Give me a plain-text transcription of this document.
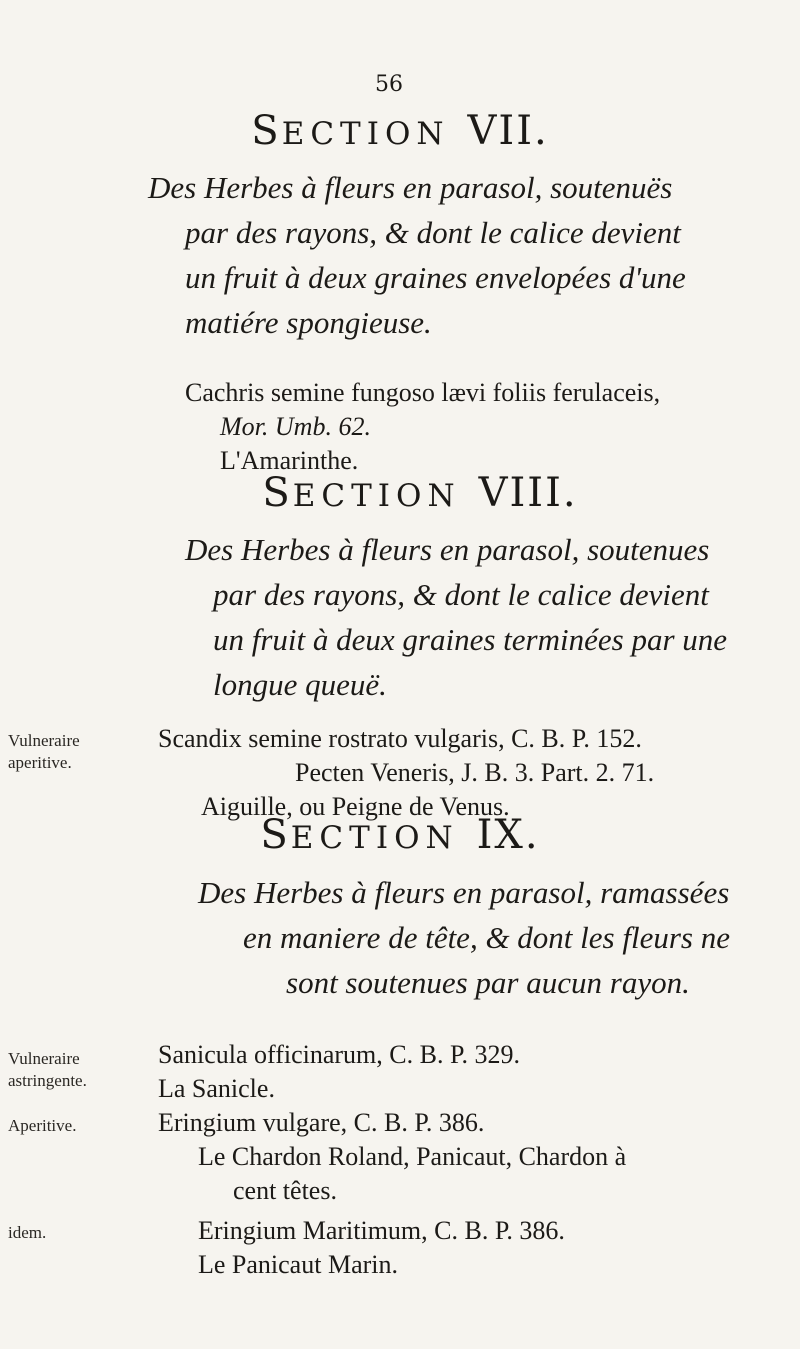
56
SECTION VII.
Des Herbes à fleurs en parasol, soutenuës
par des rayons, & dont le calice devient
un fruit à deux graines envelopées d'une
matiére spongieuse.
Cachris semine fungoso lævi foliis ferulaceis,
Mor. Umb. 62.
L'Amarinthe.
SECTION VIII.
Des Herbes à fleurs en parasol, soutenues
par des rayons, & dont le calice devient
un fruit à deux graines terminées par une
longue queuë.
Vulneraire
aperitive.
Scandix semine rostrato vulgaris, C. B. P. 152.
Pecten Veneris, J. B. 3. Part. 2. 71.
Aiguille, ou Peigne de Venus.
SECTION IX.
Des Herbes à fleurs en parasol, ramassées
en maniere de tête, & dont les fleurs ne
sont soutenues par aucun rayon.
Vulneraire
astringente.
Sanicula officinarum, C. B. P. 329.
La Sanicle.
Aperitive.	Eringium vulgare, C. B. P. 386.
Le Chardon Roland, Panicaut, Chardon à
cent têtes.
idem.	Eringium Maritimum, C. B. P. 386.
Le Panicaut Marin.
